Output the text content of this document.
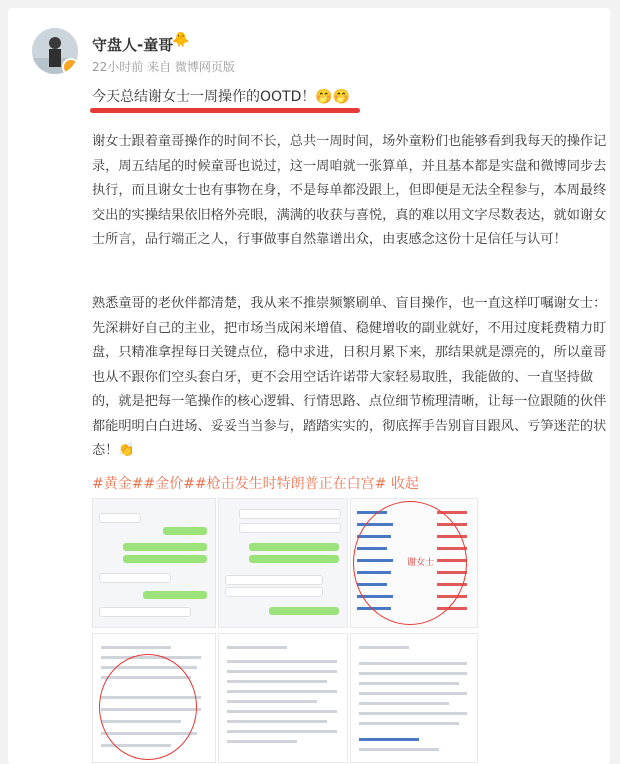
守盘人-童哥
🐥
22小时前 来自 微博网页版
今天总结谢女士一周操作的OOTD！🤭🤭
谢女士跟着童哥操作的时间不长，总共一周时间，场外童粉们也能够看到我每天的操作记录，周五结尾的时候童哥也说过，这一周咱就一张算单，并且基本都是实盘和微博同步去执行，而且谢女士也有事物在身，不是每单都没跟上，但即便是无法全程参与，本周最终交出的实操结果依旧格外亮眼，满满的收获与喜悦，真的难以用文字尽数表达，就如谢女士所言，品行端正之人，行事做事自然靠谱出众，由衷感念这份十足信任与认可！
熟悉童哥的老伙伴都清楚，我从来不推崇频繁刷单、盲目操作，也一直这样叮嘱谢女士：先深耕好自己的主业，把市场当成闲米增值、稳健增收的副业就好，不用过度耗费精力盯盘，只精准拿捏每日关键点位，稳中求进，日积月累下来，那结果就是漂亮的，所以童哥也从不跟你们空头套白牙，更不会用空话许诺带大家轻易取胜，我能做的、一直坚持做的，就是把每一笔操作的核心逻辑、行情思路、点位细节梳理清晰，让每一位跟随的伙伴都能明明白白进场、妥妥当当参与，踏踏实实的，彻底挥手告别盲目跟风、亏笋迷茫的状态！👏
#黄金##金价##枪击发生时特朗普正在白宫# 收起
谢女士
